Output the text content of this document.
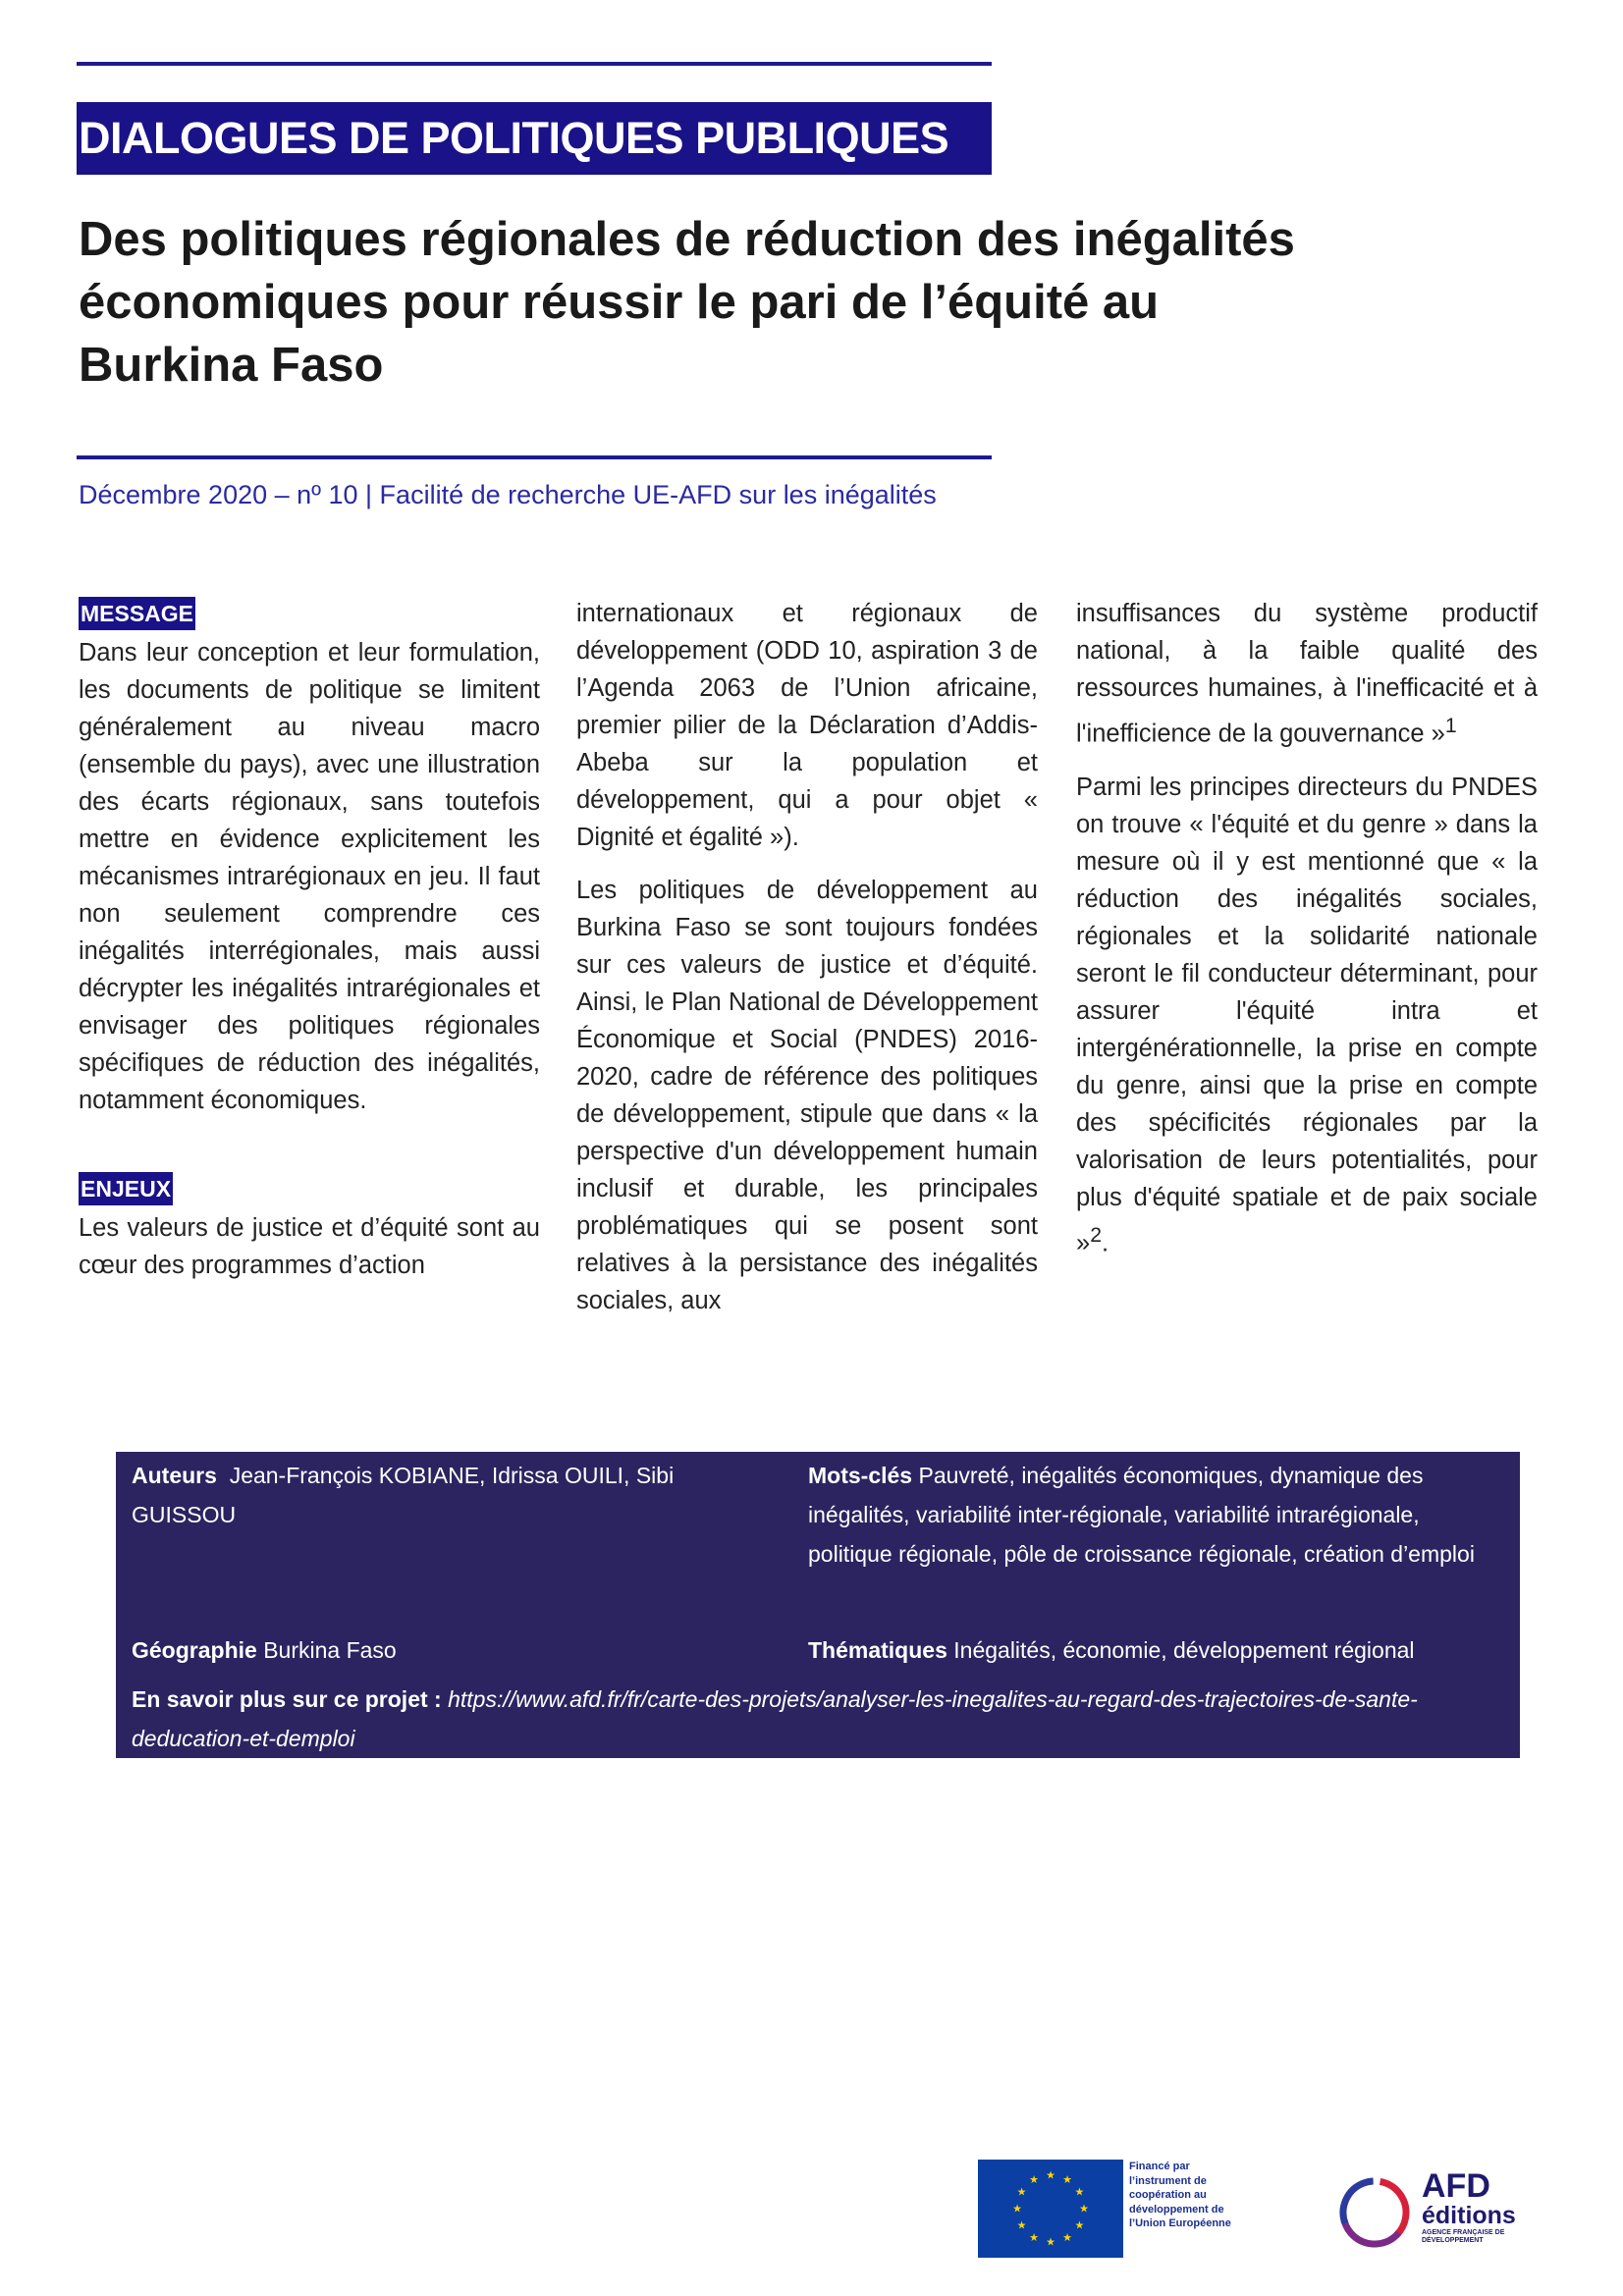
DIALOGUES DE POLITIQUES PUBLIQUES
Des politiques régionales de réduction des inégalités
économiques pour réussir le pari de l’équité au
Burkina Faso
Décembre 2020 – nº 10 | Facilité de recherche UE-AFD sur les inégalités
MESSAGE

Dans leur conception et leur formulation, les documents de politique se limitent généralement au niveau macro (ensemble du pays), avec une illustration des écarts régionaux, sans toutefois mettre en évidence explicitement les mécanismes intrarégionaux en jeu. Il faut non seulement comprendre ces inégalités interrégionales, mais aussi décrypter les inégalités intrarégionales et envisager des politiques régionales spécifiques de réduction des inégalités, notamment économiques.

ENJEUX

Les valeurs de justice et d’équité sont au cœur des programmes d’action

internationaux et régionaux de développement (ODD 10, aspiration 3 de l’Agenda 2063 de l’Union africaine, premier pilier de la Déclaration d’Addis-Abeba sur la population et développement, qui a pour objet « Dignité et égalité »).

Les politiques de développement au Burkina Faso se sont toujours fondées sur ces valeurs de justice et d’équité. Ainsi, le Plan National de Développement Économique et Social (PNDES) 2016-2020, cadre de référence des politiques de développement, stipule que dans « la perspective d'un développement humain inclusif et durable, les principales problématiques qui se posent sont relatives à la persistance des inégalités sociales, aux

insuffisances du système productif national, à la faible qualité des ressources humaines, à l'inefficacité et à l'inefficience de la gouvernance »$^1$

Parmi les principes directeurs du PNDES on trouve « l'équité et du genre » dans la mesure où il y est mentionné que « la réduction des inégalités sociales, régionales et la solidarité nationale seront le fil conducteur déterminant, pour assurer l'équité intra et intergénérationnelle, la prise en compte du genre, ainsi que la prise en compte des spécificités régionales par la valorisation de leurs potentialités, pour plus d'équité spatiale et de paix sociale »$^2$.

Auteurs Jean-François KOBIANE, Idrissa OUILI, Sibi GUISSOU
Mots-clés Pauvreté, inégalités économiques, dynamique des inégalités, variabilité inter-régionale, variabilité intrarégionale, politique régionale, pôle de croissance régionale, création d’emploi
Géographie Burkina Faso	Thématiques Inégalités, économie, développement régional
En savoir plus sur ce projet : https://www.afd.fr/fr/carte-des-projets/analyser-les-inegalites-au-regard-des-trajectoires-de-sante-deducation-et-demploi
★ ★
★
★
★
★
★
★
★
★
★
★
Financé par l’instrument de coopération au développement de l’Union Européenne
AFD
éditions
AGENCE FRANÇAISE DE DÉVELOPPEMENT
